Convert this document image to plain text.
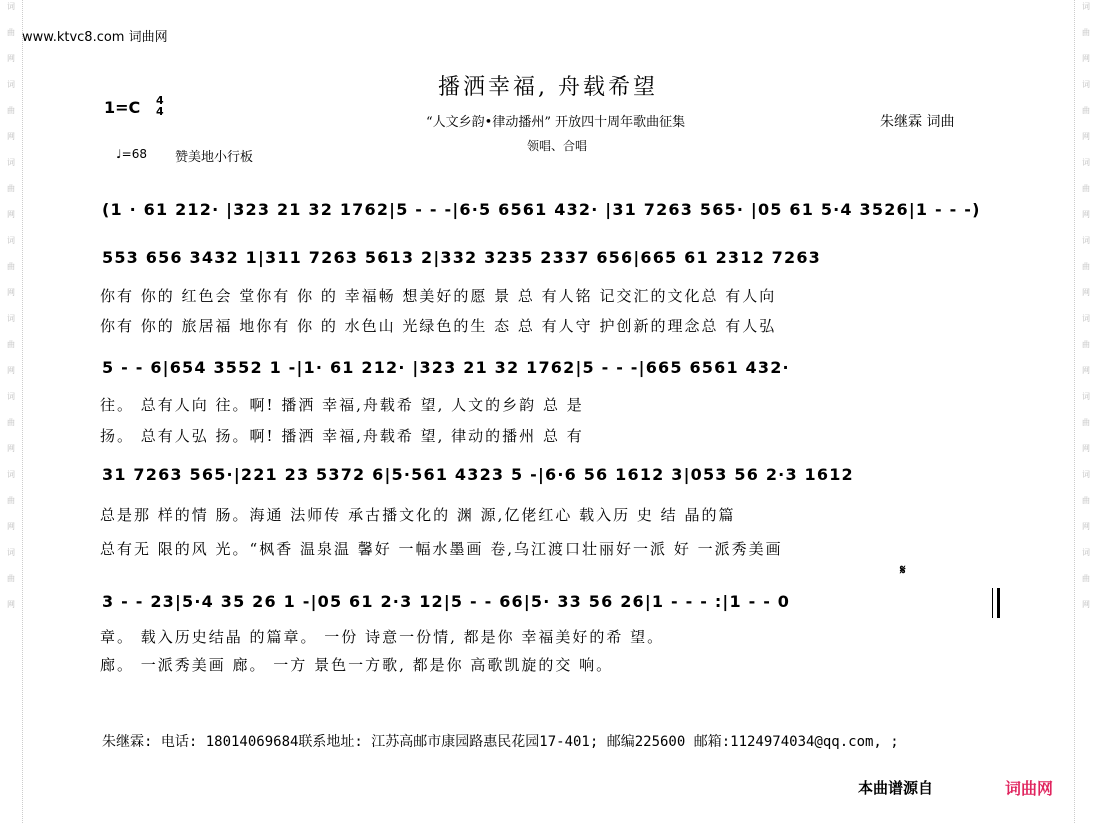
词
曲
网
词
曲
网
词
曲
网
词
曲
网
词
曲
网
词
曲
网
词
曲
网
词
曲
网
词
曲
网
词
曲
网
词
曲
网
词
曲
网
词
曲
网
词
曲
网
词
曲
网
词
曲
网
www.ktvc8.com 词曲网
播洒幸福, 舟载希望
1=C 4
4
“人文乡韵•律动播州” 开放四十周年歌曲征集	朱继霖 词曲
♩=68 赞美地小行板
领唱、合唱
(1 · 61 212· |323 21 32 1762|5 - - -|6·5 6561 432· |31 7263 565· |05 61 5·4 3526|1 - - -)
553 656 3432 1|311 7263 5613 2|332 3235 2337 656|665 61 2312 7263
你有 你的 红色会 堂你有 你 的 幸福畅 想美好的愿 景 总 有人铭 记交汇的文化总 有人向
你有 你的 旅居福 地你有 你 的 水色山 光绿色的生 态 总 有人守 护创新的理念总 有人弘
5 - - 6|654 3552 1 -|1· 61 212· |323 21 32 1762|5 - - -|665 6561 432·
往。 总有人向 往。啊! 播洒 幸福,舟载希 望, 人文的乡韵 总 是
扬。 总有人弘 扬。啊! 播洒 幸福,舟载希 望, 律动的播州 总 有
31 7263 565·|221 23 5372 6|5·561 4323 5 -|6·6 56 1612 3|053 56 2·3 1612
总是那 样的情 肠。海通 法师传 承古播文化的 渊 源,亿佬红心 载入历 史 结 晶的篇
总有无 限的风 光。“枫香 温泉温 馨好 一幅水墨画 卷,乌江渡口壮丽好一派 好 一派秀美画
𝄋
3 - - 23|5·4 35 26 1 -|05 61 2·3 12|5 - - 66|5· 33 56 26|1 - - - :|1 - - 0
章。 载入历史结晶 的篇章。 一份 诗意一份情, 都是你 幸福美好的希 望。
廊。 一派秀美画 廊。 一方 景色一方歌, 都是你 高歌凯旋的交 响。
朱继霖: 电话: 18014069684联系地址: 江苏高邮市康园路惠民花园17-401; 邮编225600 邮箱:1124974034@qq.com, ;
本曲谱源自	词曲网
